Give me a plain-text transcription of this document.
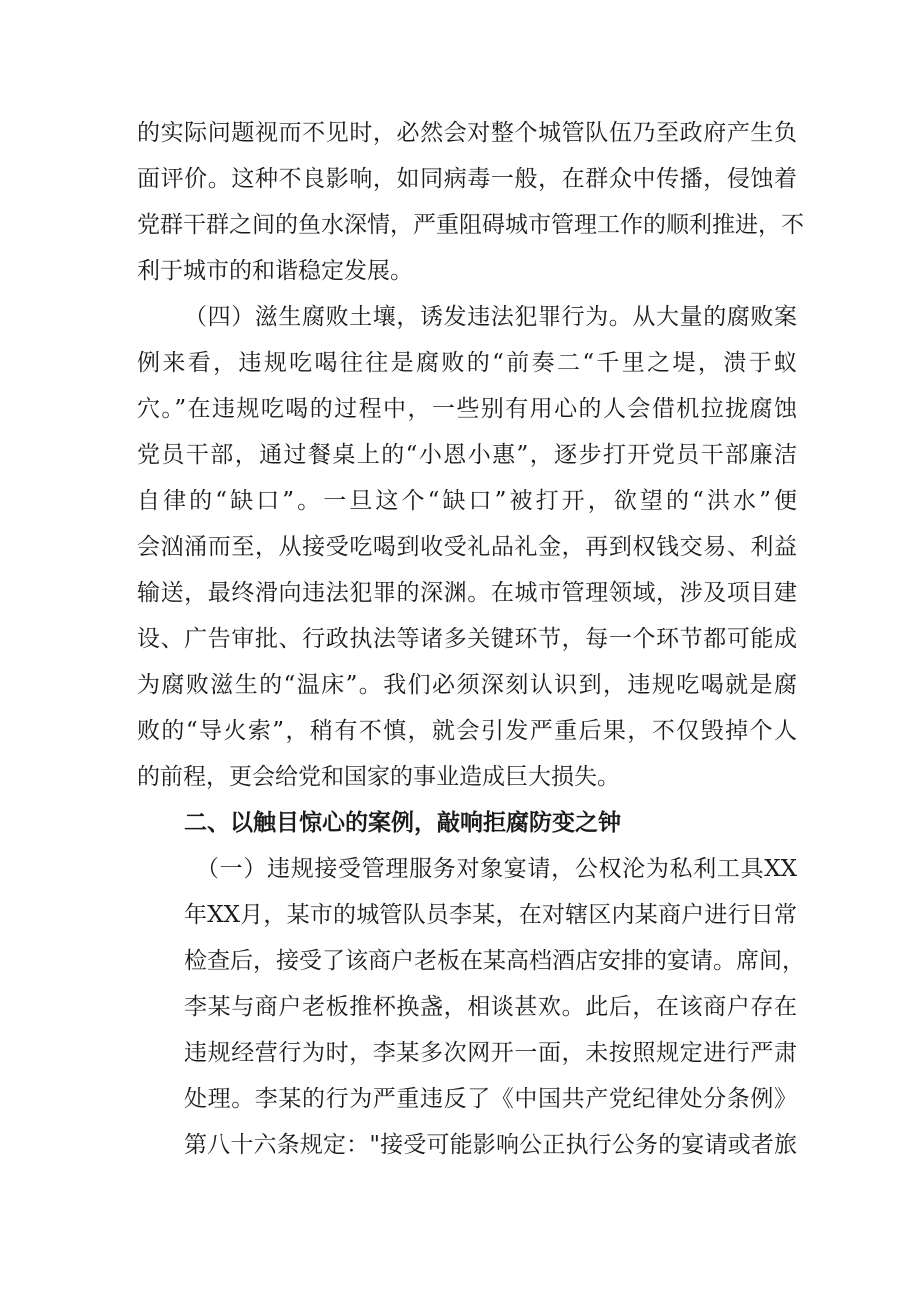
的实际问题视而不见时，必然会对整个城管队伍乃至政府产生负
面评价。这种不良影响，如同病毒一般，在群众中传播，侵蚀着
党群干群之间的鱼水深情，严重阻碍城市管理工作的顺利推进，不
利于城市的和谐稳定发展。
（四）滋生腐败土壤，诱发违法犯罪行为。从大量的腐败案
例来看，违规吃喝往往是腐败的“前奏二“千里之堤，溃于蚁
穴。”在违规吃喝的过程中，一些别有用心的人会借机拉拢腐蚀
党员干部，通过餐桌上的“小恩小惠”，逐步打开党员干部廉洁
自律的“缺口”。一旦这个“缺口”被打开，欲望的“洪水”便
会汹涌而至，从接受吃喝到收受礼品礼金，再到权钱交易、利益
输送，最终滑向违法犯罪的深渊。在城市管理领域，涉及项目建
设、广告审批、行政执法等诸多关键环节，每一个环节都可能成
为腐败滋生的“温床”。我们必须深刻认识到，违规吃喝就是腐
败的“导火索”，稍有不慎，就会引发严重后果，不仅毁掉个人
的前程，更会给党和国家的事业造成巨大损失。
二、以触目惊心的案例，敲响拒腐防变之钟
（一）违规接受管理服务对象宴请，公权沦为私利工具XX
年XX月，某市的城管队员李某，在对辖区内某商户进行日常
检查后，接受了该商户老板在某高档酒店安排的宴请。席间，
李某与商户老板推杯换盏，相谈甚欢。此后，在该商户存在
违规经营行为时，李某多次网开一面，未按照规定进行严肃
处理。李某的行为严重违反了《中国共产党纪律处分条例》
第八十六条规定："接受可能影响公正执行公务的宴请或者旅
